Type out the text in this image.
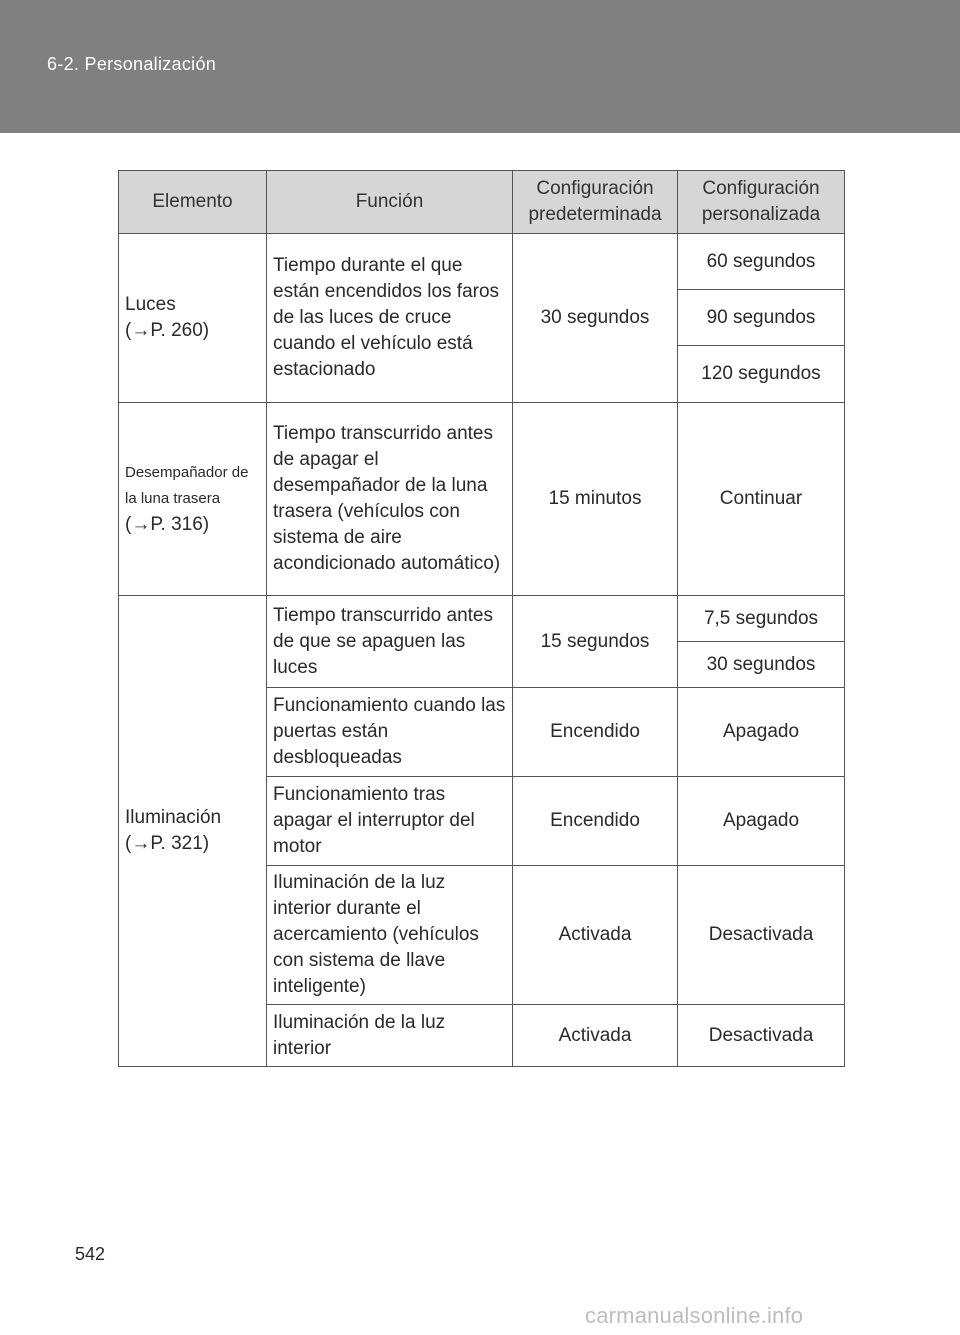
6-2. Personalización
Elemento	Función	Configuración predeterminada	Configuración personalizada
Luces
(→P. 260)	Tiempo durante el que están encendidos los faros de las luces de cruce cuando el vehículo está estacionado	30 segundos	60 segundos
			90 segundos
			120 segundos

Desempañador de la luna trasera
(→P. 316)	Tiempo transcurrido antes de apagar el desempañador de la luna trasera (vehículos con sistema de aire acondicionado automático)	15 minutos	Continuar
Iluminación
(→P. 321)	Tiempo transcurrido antes de que se apaguen las luces	15 segundos	7,5 segundos
			30 segundos
	Funcionamiento cuando las puertas están desbloqueadas	Encendido	Apagado
	Funcionamiento tras apagar el interruptor del motor	Encendido	Apagado
	Iluminación de la luz interior durante el acercamiento (vehículos con sistema de llave inteligente)	Activada	Desactivada
	Iluminación de la luz interior	Activada	Desactivada
542
carmanualsonline.info
